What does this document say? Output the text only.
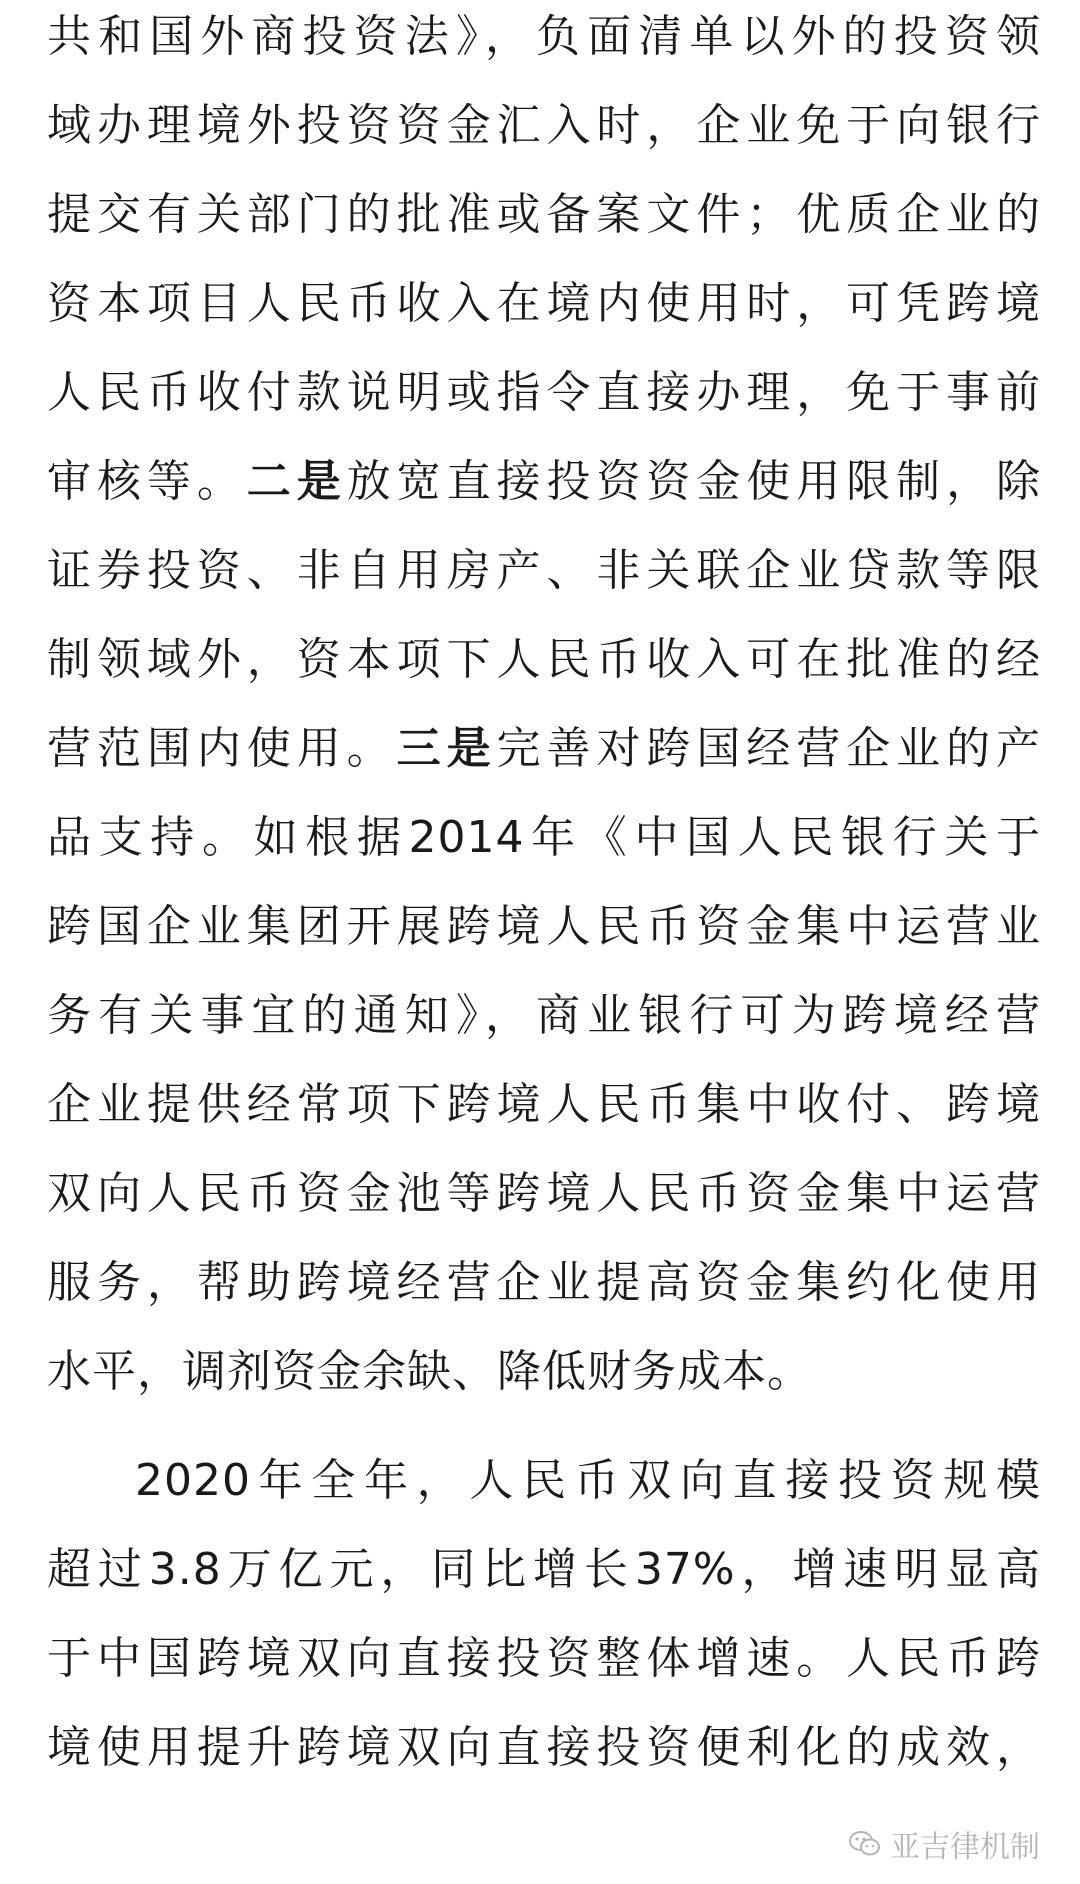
共和国外商投资法》，负面清单以外的投资领
域办理境外投资资金汇入时，企业免于向银行
提交有关部门的批准或备案文件；优质企业的
资本项目人民币收入在境内使用时，可凭跨境
人民币收付款说明或指令直接办理，免于事前
审核等。二是放宽直接投资资金使用限制，除
证券投资、非自用房产、非关联企业贷款等限
制领域外，资本项下人民币收入可在批准的经
营范围内使用。三是完善对跨国经营企业的产
品支持。如根据2014年《中国人民银行关于
跨国企业集团开展跨境人民币资金集中运营业
务有关事宜的通知》，商业银行可为跨境经营
企业提供经常项下跨境人民币集中收付、跨境
双向人民币资金池等跨境人民币资金集中运营
服务，帮助跨境经营企业提高资金集约化使用
水平，调剂资金余缺、降低财务成本。
2020年全年，人民币双向直接投资规模
超过3.8万亿元，同比增长37%，增速明显高
于中国跨境双向直接投资整体增速。人民币跨
境使用提升跨境双向直接投资便利化的成效，
亚吉律机制
